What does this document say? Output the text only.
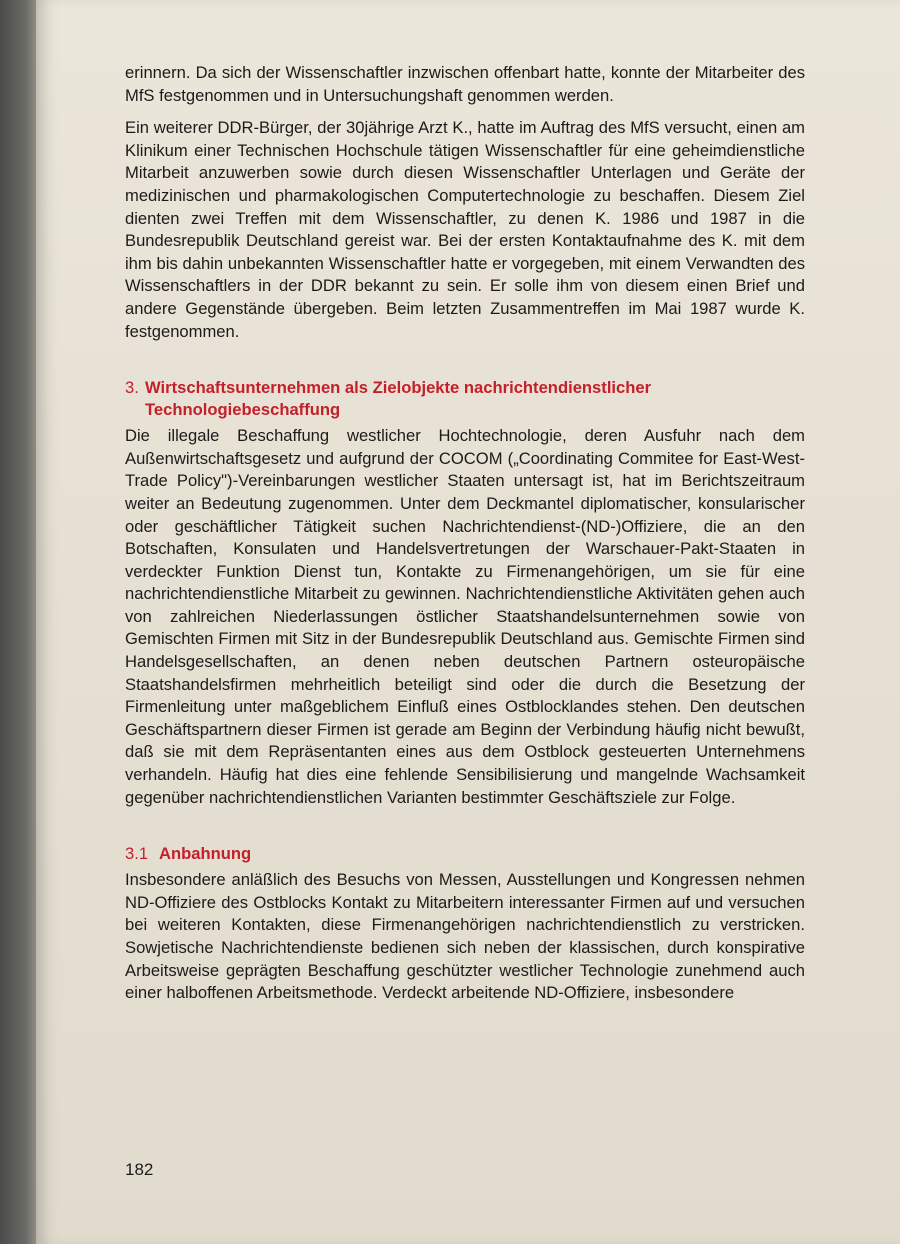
erinnern. Da sich der Wissenschaftler inzwischen offenbart hatte, konnte der Mitarbeiter des MfS festgenommen und in Untersuchungshaft genommen werden.

Ein weiterer DDR-Bürger, der 30jährige Arzt K., hatte im Auftrag des MfS versucht, einen am Klinikum einer Technischen Hochschule tätigen Wissenschaftler für eine geheimdienstliche Mitarbeit anzuwerben sowie durch diesen Wissenschaftler Unterlagen und Geräte der medizinischen und pharmakologischen Computertechnologie zu beschaffen. Diesem Ziel dienten zwei Treffen mit dem Wissenschaftler, zu denen K. 1986 und 1987 in die Bundesrepublik Deutschland gereist war. Bei der ersten Kontaktaufnahme des K. mit dem ihm bis dahin unbekannten Wissenschaftler hatte er vorgegeben, mit einem Verwandten des Wissenschaftlers in der DDR bekannt zu sein. Er solle ihm von diesem einen Brief und andere Gegenstände übergeben. Beim letzten Zusammentreffen im Mai 1987 wurde K. festgenommen.

3. Wirtschaftsunternehmen als Zielobjekte nachrichtendienstlicher Technologiebeschaffung

Die illegale Beschaffung westlicher Hochtechnologie, deren Ausfuhr nach dem Außenwirtschaftsgesetz und aufgrund der COCOM („Coordinating Commitee for East-West-Trade Policy")-Vereinbarungen westlicher Staaten untersagt ist, hat im Berichtszeitraum weiter an Bedeutung zugenommen. Unter dem Deckmantel diplomatischer, konsularischer oder geschäftlicher Tätigkeit suchen Nachrichtendienst-(ND-)Offiziere, die an den Botschaften, Konsulaten und Handelsvertretungen der Warschauer-Pakt-Staaten in verdeckter Funktion Dienst tun, Kontakte zu Firmenangehörigen, um sie für eine nachrichtendienstliche Mitarbeit zu gewinnen. Nachrichtendienstliche Aktivitäten gehen auch von zahlreichen Niederlassungen östlicher Staatshandelsunternehmen sowie von Gemischten Firmen mit Sitz in der Bundesrepublik Deutschland aus. Gemischte Firmen sind Handelsgesellschaften, an denen neben deutschen Partnern osteuropäische Staatshandelsfirmen mehrheitlich beteiligt sind oder die durch die Besetzung der Firmenleitung unter maßgeblichem Einfluß eines Ostblocklandes stehen. Den deutschen Geschäftspartnern dieser Firmen ist gerade am Beginn der Verbindung häufig nicht bewußt, daß sie mit dem Repräsentanten eines aus dem Ostblock gesteuerten Unternehmens verhandeln. Häufig hat dies eine fehlende Sensibilisierung und mangelnde Wachsamkeit gegenüber nachrichtendienstlichen Varianten bestimmter Geschäftsziele zur Folge.

3.1 Anbahnung

Insbesondere anläßlich des Besuchs von Messen, Ausstellungen und Kongressen nehmen ND-Offiziere des Ostblocks Kontakt zu Mitarbeitern interessanter Firmen auf und versuchen bei weiteren Kontakten, diese Firmenangehörigen nachrichtendienstlich zu verstricken. Sowjetische Nachrichtendienste bedienen sich neben der klassischen, durch konspirative Arbeitsweise geprägten Beschaffung geschützter westlicher Technologie zunehmend auch einer halboffenen Arbeitsmethode. Verdeckt arbeitende ND-Offiziere, insbesondere

182
